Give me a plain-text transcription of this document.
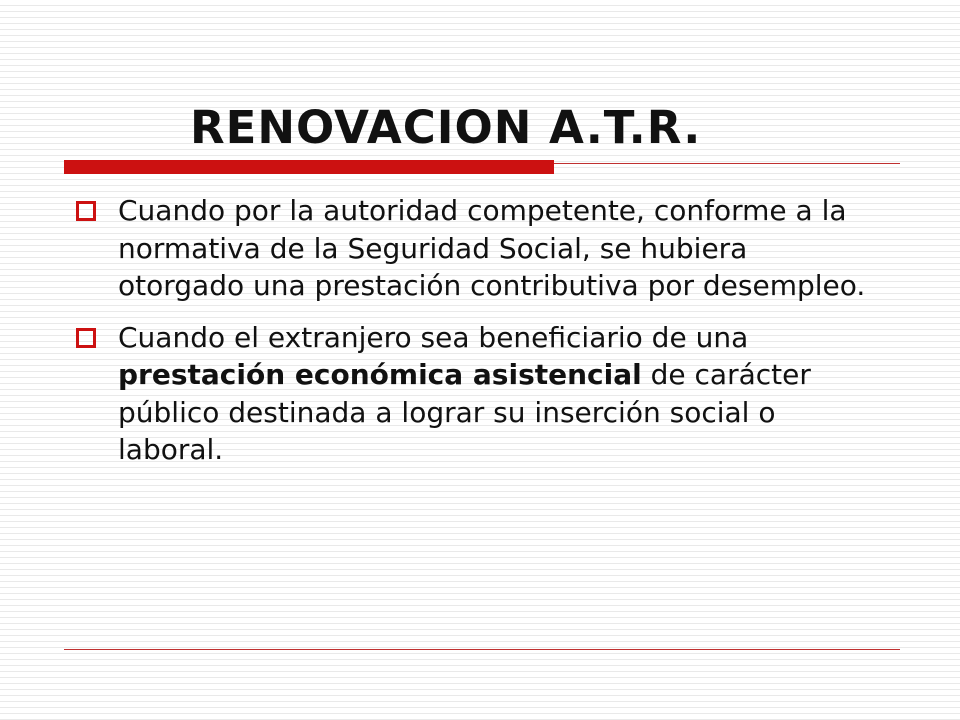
RENOVACION A.T.R.
Cuando por la autoridad competente, conforme a la normativa de la Seguridad Social, se hubiera otorgado una prestación contributiva por desempleo.
Cuando el extranjero sea beneficiario de una prestación económica asistencial de carácter público destinada a lograr su inserción social o laboral.
